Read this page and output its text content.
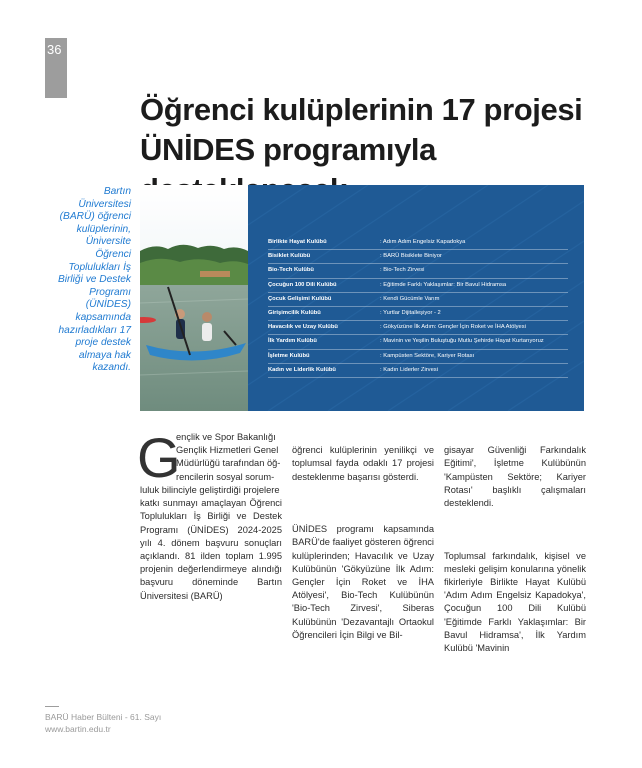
36
Öğrenci kulüplerinin 17 projesi ÜNİDES programıyla
Bartın Üniversitesi (BARÜ) öğrenci kulüplerinin, Üniversite Öğrenci Toplulukları İş Birliği ve Destek Programı (ÜNİDES) kapsamında hazırladıkları 17 proje destek almaya hak kazandı.
Birlikte Hayat Kulübü	: Adım Adım Engelsiz Kapadokya
Bisiklet Kulübü	: BARÜ Bisiklete Biniyor
Bio-Tech Kulübü	: Bio-Tech Zirvesi
Çocuğun 100 Dili Kulübü	: Eğitimde Farklı Yaklaşımlar: Bir Bavul Hidramsa
Çocuk Gelişimi Kulübü	: Kendi Gücümle Varım
Girişimcilik Kulübü	: Yurtlar Dijitalleşiyor - 2
Havacılık ve Uzay Kulübü	: Gökyüzüne İlk Adım: Gençler İçin Roket ve İHA Atölyesi
İlk Yardım Kulübü	: Mavinin ve Yeşilin Buluştuğu Mutlu Şehirde Hayat Kurtarıyoruz
İşletme Kulübü	: Kampüsten Sektöre, Kariyer Rotası
Kadın ve Liderlik Kulübü	: Kadın Liderler Zirvesi
G
ençlik ve Spor Bakanlığı
Gençlik Hizmetleri Genel
Müdürlüğü tarafından öğ-
rencilerin sosyal sorum-
luluk bilinciyle geliştirdiği projelere
katkı sunmayı amaçlayan Öğrenci Toplulukları İş Birliği ve Destek Programı (ÜNİDES) 2024-2025 yılı 4. dönem başvuru sonuçları açıklandı. 81 ilden toplam 1.995 projenin değerlendirmeye alındığı başvuru döneminde Bartın Üniversitesi (BARÜ)

öğrenci kulüplerinin yenilikçi ve toplumsal fayda odaklı 17 projesi desteklenme başarısı gösterdi.

ÜNİDES programı kapsamında BARÜ'de faaliyet gösteren öğrenci kulüplerinden; Havacılık ve Uzay Kulübünün 'Gökyüzüne İlk Adım: Gençler İçin Roket ve İHA Atölyesi', Bio-Tech Kulübünün 'Bio-Tech Zirvesi', Siberas Kulübünün 'Dezavantajlı Ortaokul Öğrencileri İçin Bilgi ve Bil-

gisayar Güvenliği Farkındalık Eğitimi', İşletme Kulübünün 'Kampüsten Sektöre; Kariyer Rotası' başlıklı çalışmaları desteklendi.

Toplumsal farkındalık, kişisel ve mesleki gelişim konularına yönelik fikirleriyle Birlikte Hayat Kulübü 'Adım Adım Engelsiz Kapadokya', Çocuğun 100 Dili Kulübü 'Eğitimde Farklı Yaklaşımlar: Bir Bavul Hidramsa', İlk Yardım Kulübü 'Mavinin

BARÜ Haber Bülteni - 61. Sayı
www.bartin.edu.tr
